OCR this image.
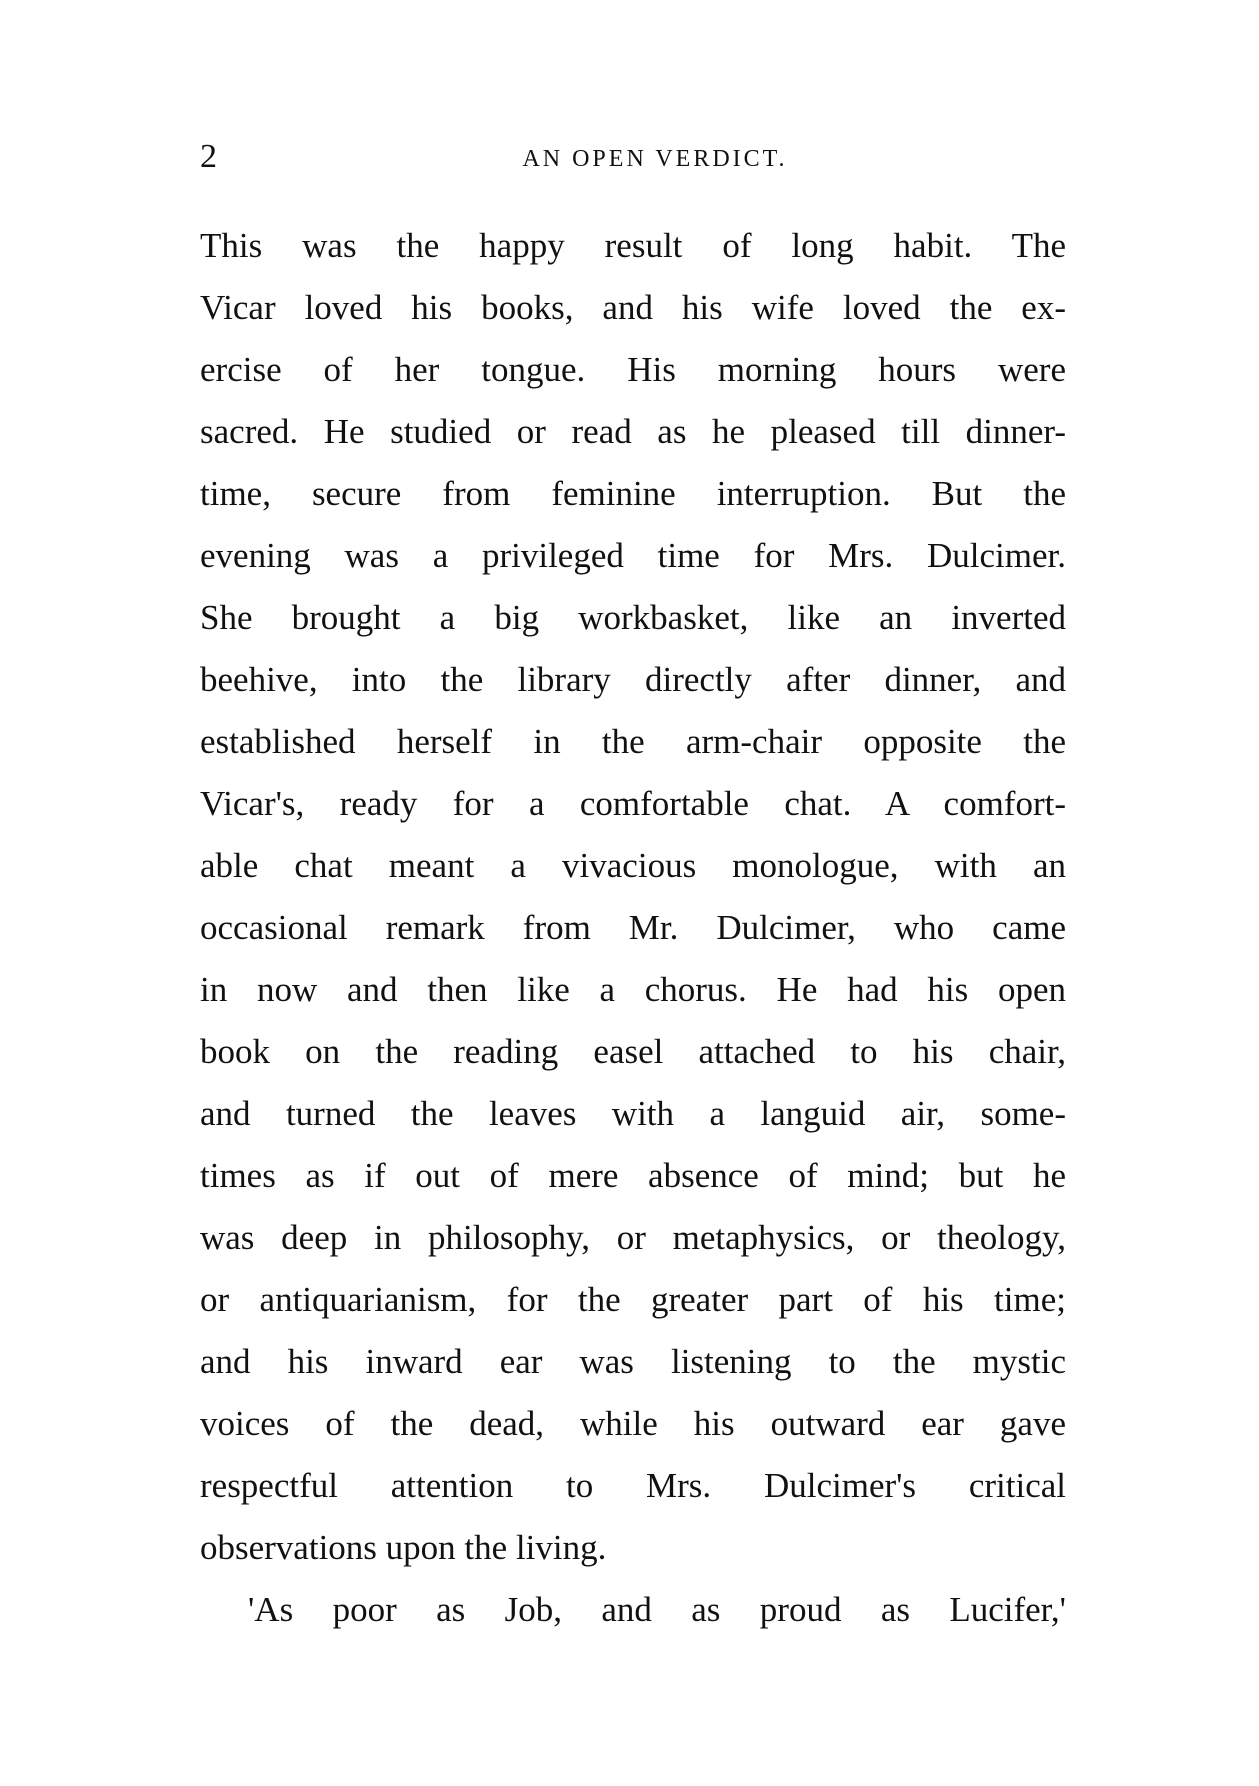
2	AN OPEN VERDICT.
This was the happy result of long habit. The
Vicar loved his books, and his wife loved the ex-
ercise of her tongue. His morning hours were
sacred. He studied or read as he pleased till dinner-
time, secure from feminine interruption. But the
evening was a privileged time for Mrs. Dulcimer.
She brought a big workbasket, like an inverted
beehive, into the library directly after dinner, and
established herself in the arm-chair opposite the
Vicar's, ready for a comfortable chat. A comfort-
able chat meant a vivacious monologue, with an
occasional remark from Mr. Dulcimer, who came
in now and then like a chorus. He had his open
book on the reading easel attached to his chair,
and turned the leaves with a languid air, some-
times as if out of mere absence of mind; but he
was deep in philosophy, or metaphysics, or theology,
or antiquarianism, for the greater part of his time;
and his inward ear was listening to the mystic
voices of the dead, while his outward ear gave
respectful attention to Mrs. Dulcimer's critical
observations upon the living.
'As poor as Job, and as proud as Lucifer,'
